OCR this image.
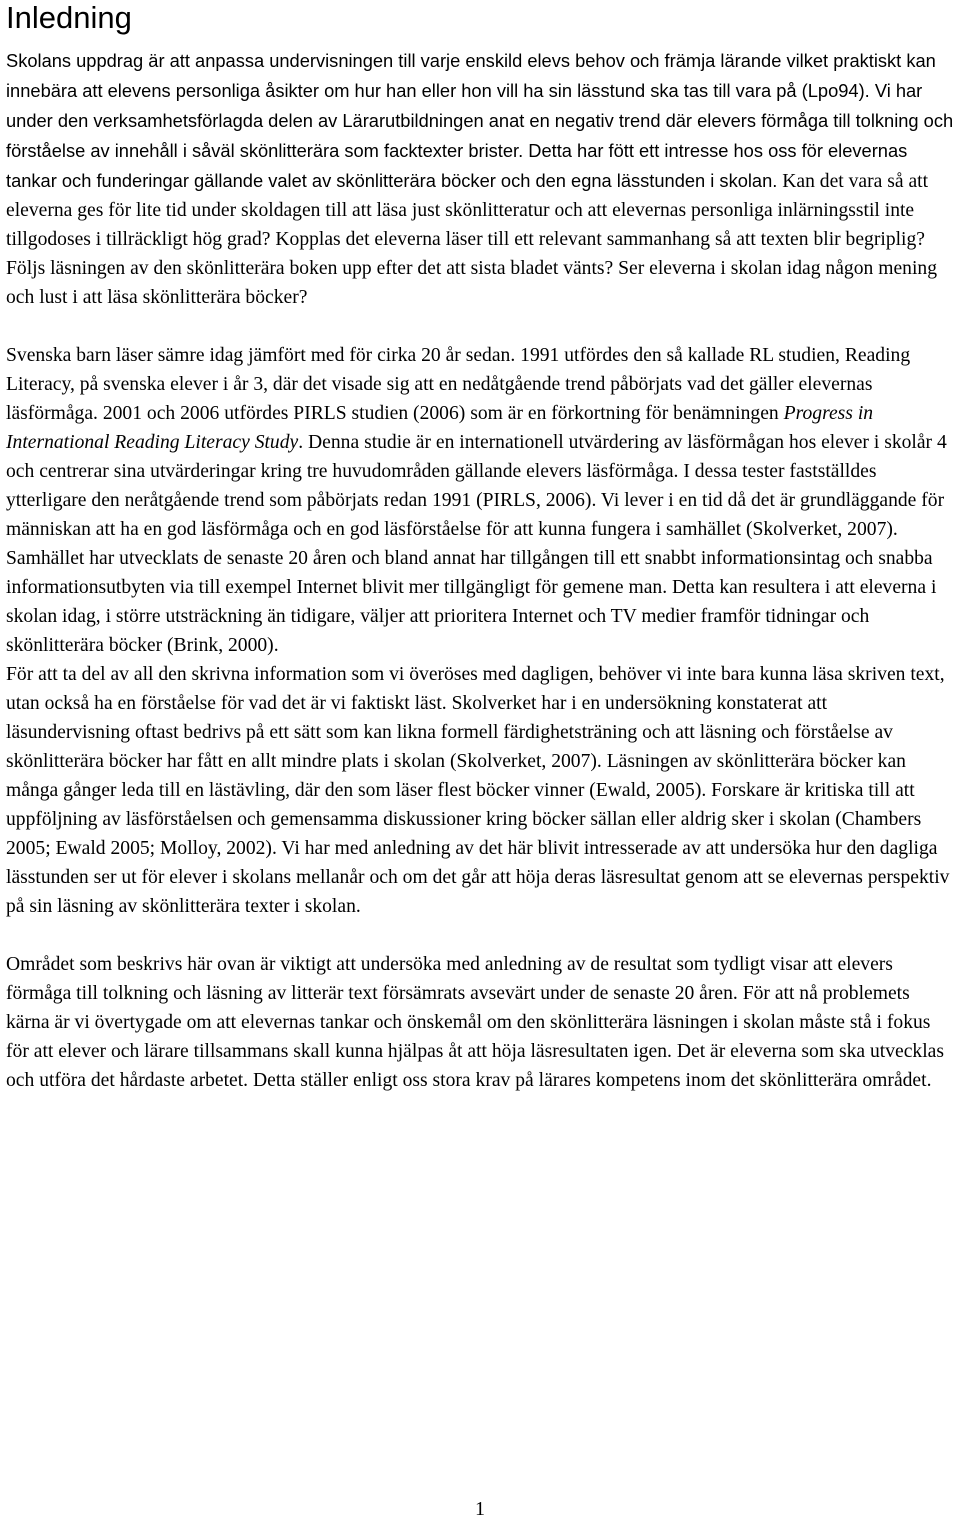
Inledning

Skolans uppdrag är att anpassa undervisningen till varje enskild elevs behov och främja lärande vilket praktiskt kan innebära att elevens personliga åsikter om hur han eller hon vill ha sin lässtund ska tas till vara på (Lpo94). Vi har under den verksamhetsförlagda delen av Lärarutbildningen anat en negativ trend där elevers förmåga till tolkning och förståelse av innehåll i såväl skönlitterära som facktexter brister. Detta har fött ett intresse hos oss för elevernas tankar och funderingar gällande valet av skönlitterära böcker och den egna lässtunden i skolan. Kan det vara så att eleverna ges för lite tid under skoldagen till att läsa just skönlitteratur och att elevernas personliga inlärningsstil inte tillgodoses i tillräckligt hög grad? Kopplas det eleverna läser till ett relevant sammanhang så att texten blir begriplig? Följs läsningen av den skönlitterära boken upp efter det att sista bladet vänts? Ser eleverna i skolan idag någon mening och lust i att läsa skönlitterära böcker?

Svenska barn läser sämre idag jämfört med för cirka 20 år sedan. 1991 utfördes den så kallade RL studien, Reading Literacy, på svenska elever i år 3, där det visade sig att en nedåtgående trend påbörjats vad det gäller elevernas läsförmåga. 2001 och 2006 utfördes PIRLS studien (2006) som är en förkortning för benämningen Progress in International Reading Literacy Study. Denna studie är en internationell utvärdering av läsförmågan hos elever i skolår 4 och centrerar sina utvärderingar kring tre huvudområden gällande elevers läsförmåga. I dessa tester fastställdes ytterligare den neråtgående trend som påbörjats redan 1991 (PIRLS, 2006). Vi lever i en tid då det är grundläggande för människan att ha en god läsförmåga och en god läsförståelse för att kunna fungera i samhället (Skolverket, 2007). Samhället har utvecklats de senaste 20 åren och bland annat har tillgången till ett snabbt informationsintag och snabba informationsutbyten via till exempel Internet blivit mer tillgängligt för gemene man. Detta kan resultera i att eleverna i skolan idag, i större utsträckning än tidigare, väljer att prioritera Internet och TV medier framför tidningar och skönlitterära böcker (Brink, 2000).
För att ta del av all den skrivna information som vi överöses med dagligen, behöver vi inte bara kunna läsa skriven text, utan också ha en förståelse för vad det är vi faktiskt läst. Skolverket har i en undersökning konstaterat att läsundervisning oftast bedrivs på ett sätt som kan likna formell färdighetsträning och att läsning och förståelse av skönlitterära böcker har fått en allt mindre plats i skolan (Skolverket, 2007). Läsningen av skönlitterära böcker kan många gånger leda till en lästävling, där den som läser flest böcker vinner (Ewald, 2005). Forskare är kritiska till att uppföljning av läsförståelsen och gemensamma diskussioner kring böcker sällan eller aldrig sker i skolan (Chambers 2005; Ewald 2005; Molloy, 2002). Vi har med anledning av det här blivit intresserade av att undersöka hur den dagliga lässtunden ser ut för elever i skolans mellanår och om det går att höja deras läsresultat genom att se elevernas perspektiv på sin läsning av skönlitterära texter i skolan.

Området som beskrivs här ovan är viktigt att undersöka med anledning av de resultat som tydligt visar att elevers förmåga till tolkning och läsning av litterär text försämrats avsevärt under de senaste 20 åren. För att nå problemets kärna är vi övertygade om att elevernas tankar och önskemål om den skönlitterära läsningen i skolan måste stå i fokus för att elever och lärare tillsammans skall kunna hjälpas åt att höja läsresultaten igen. Det är eleverna som ska utvecklas och utföra det hårdaste arbetet. Detta ställer enligt oss stora krav på lärares kompetens inom det skönlitterära området.

1
